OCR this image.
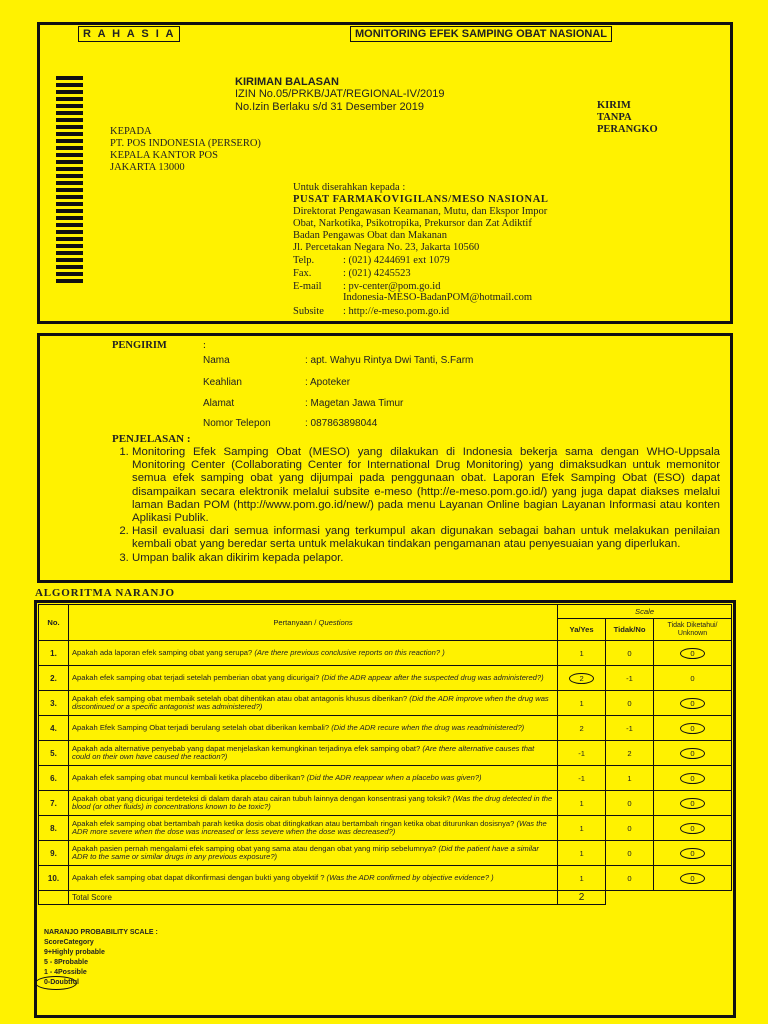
R A H A S I A	MONITORING EFEK SAMPING OBAT NASIONAL
KIRIMAN BALASAN
IZIN No.05/PRKB/JAT/REGIONAL-IV/2019
No.Izin Berlaku s/d 31 Desember 2019	KIRIM
TANPA
PERANGKO
KEPADA
PT. POS INDONESIA (PERSERO)
KEPALA KANTOR POS
JAKARTA 13000
Untuk diserahkan kepada :
PUSAT FARMAKOVIGILANS/MESO NASIONAL
Direktorat Pengawasan Keamanan, Mutu, dan Ekspor Impor
Obat, Narkotika, Psikotropika, Prekursor dan Zat Adiktif
Badan Pengawas Obat dan Makanan
Jl. Percetakan Negara No. 23, Jakarta 10560
Telp.	: (021) 4244691 ext 1079
Fax.	: (021) 4245523
E-mail	: pv-center@pom.go.id
Indonesia-MESO-BadanPOM@hotmail.com
Subsite	: http://e-meso.pom.go.id
PENGIRIM	:
Nama	: apt. Wahyu Rintya Dwi Tanti, S.Farm
Keahlian	: Apoteker
Alamat	: Magetan Jawa Timur
Nomor Telepon	: 087863898044
PENJELASAN :
1. Monitoring Efek Samping Obat (MESO) yang dilakukan di Indonesia bekerja sama dengan WHO-Uppsala Monitoring Center (Collaborating Center for International Drug Monitoring) yang dimaksudkan untuk memonitor semua efek samping obat yang dijumpai pada penggunaan obat. Laporan Efek Samping Obat (ESO) dapat disampaikan secara elektronik melalui subsite e-meso (http://e-meso.pom.go.id/) yang juga dapat diakses melalui laman Badan POM (http://www.pom.go.id/new/) pada menu Layanan Online bagian Layanan Informasi atau konten Aplikasi Publik.
2. Hasil evaluasi dari semua informasi yang terkumpul akan digunakan sebagai bahan untuk melakukan penilaian kembali obat yang beredar serta untuk melakukan tindakan pengamanan atau penyesuaian yang diperlukan.
3. Umpan balik akan dikirim kepada pelapor.
ALGORITMA NARANJO
No.	Pertanyaan / Questions	Scale		
		Ya/Yes	Tidak/No	Tidak Diketahui/ Unknown
1.	Apakah ada laporan efek samping obat yang serupa? (Are there previous conclusive reports on this reaction? )	1	0	0
2.	Apakah efek samping obat terjadi setelah pemberian obat yang dicurigai? (Did the ADR appear after the suspected drug was administered?)	2	-1	0
3.	Apakah efek samping obat membaik setelah obat dihentikan atau obat antagonis khusus diberikan? (Did the ADR improve when the drug was discontinued or a specific antagonist was administered?)	1	0	0
4.	Apakah Efek Samping Obat terjadi berulang setelah obat diberikan kembali? (Did the ADR recure when the drug was readministered?)	2	-1	0
5.	Apakah ada alternative penyebab yang dapat menjelaskan kemungkinan terjadinya efek samping obat? (Are there alternative causes that could on their own have caused the reaction?)	-1	2	0
6.	Apakah efek samping obat muncul kembali ketika placebo diberikan? (Did the ADR reappear when a placebo was given?)	-1	1	0
7.	Apakah obat yang dicurigai terdeteksi di dalam darah atau cairan tubuh lainnya dengan konsentrasi yang toksik? (Was the drug detected in the blood (or other fluids) in concentrations known to be toxic?)	1	0	0
8.	Apakah efek samping obat bertambah parah ketika dosis obat ditingkatkan atau bertambah ringan ketika obat diturunkan dosisnya? (Was the ADR more severe when the dose was increased or less severe when the dose was decreased?)	1	0	0
9.	Apakah pasien pernah mengalami efek samping obat yang sama atau dengan obat yang mirip sebelumnya? (Did the patient have a similar ADR to the same or similar drugs in any previous exposure?)	1	0	0
10.	Apakah efek samping obat dapat dikonfirmasi dengan bukti yang obyektif ? (Was the ADR confirmed by objective evidence? )	1	0	0
	Total Score	2		
NARANJO PROBABILITY SCALE :
ScoreCategory
9+Highly probable
5 - 8Probable
1 - 4Possible
0-Doubtful
